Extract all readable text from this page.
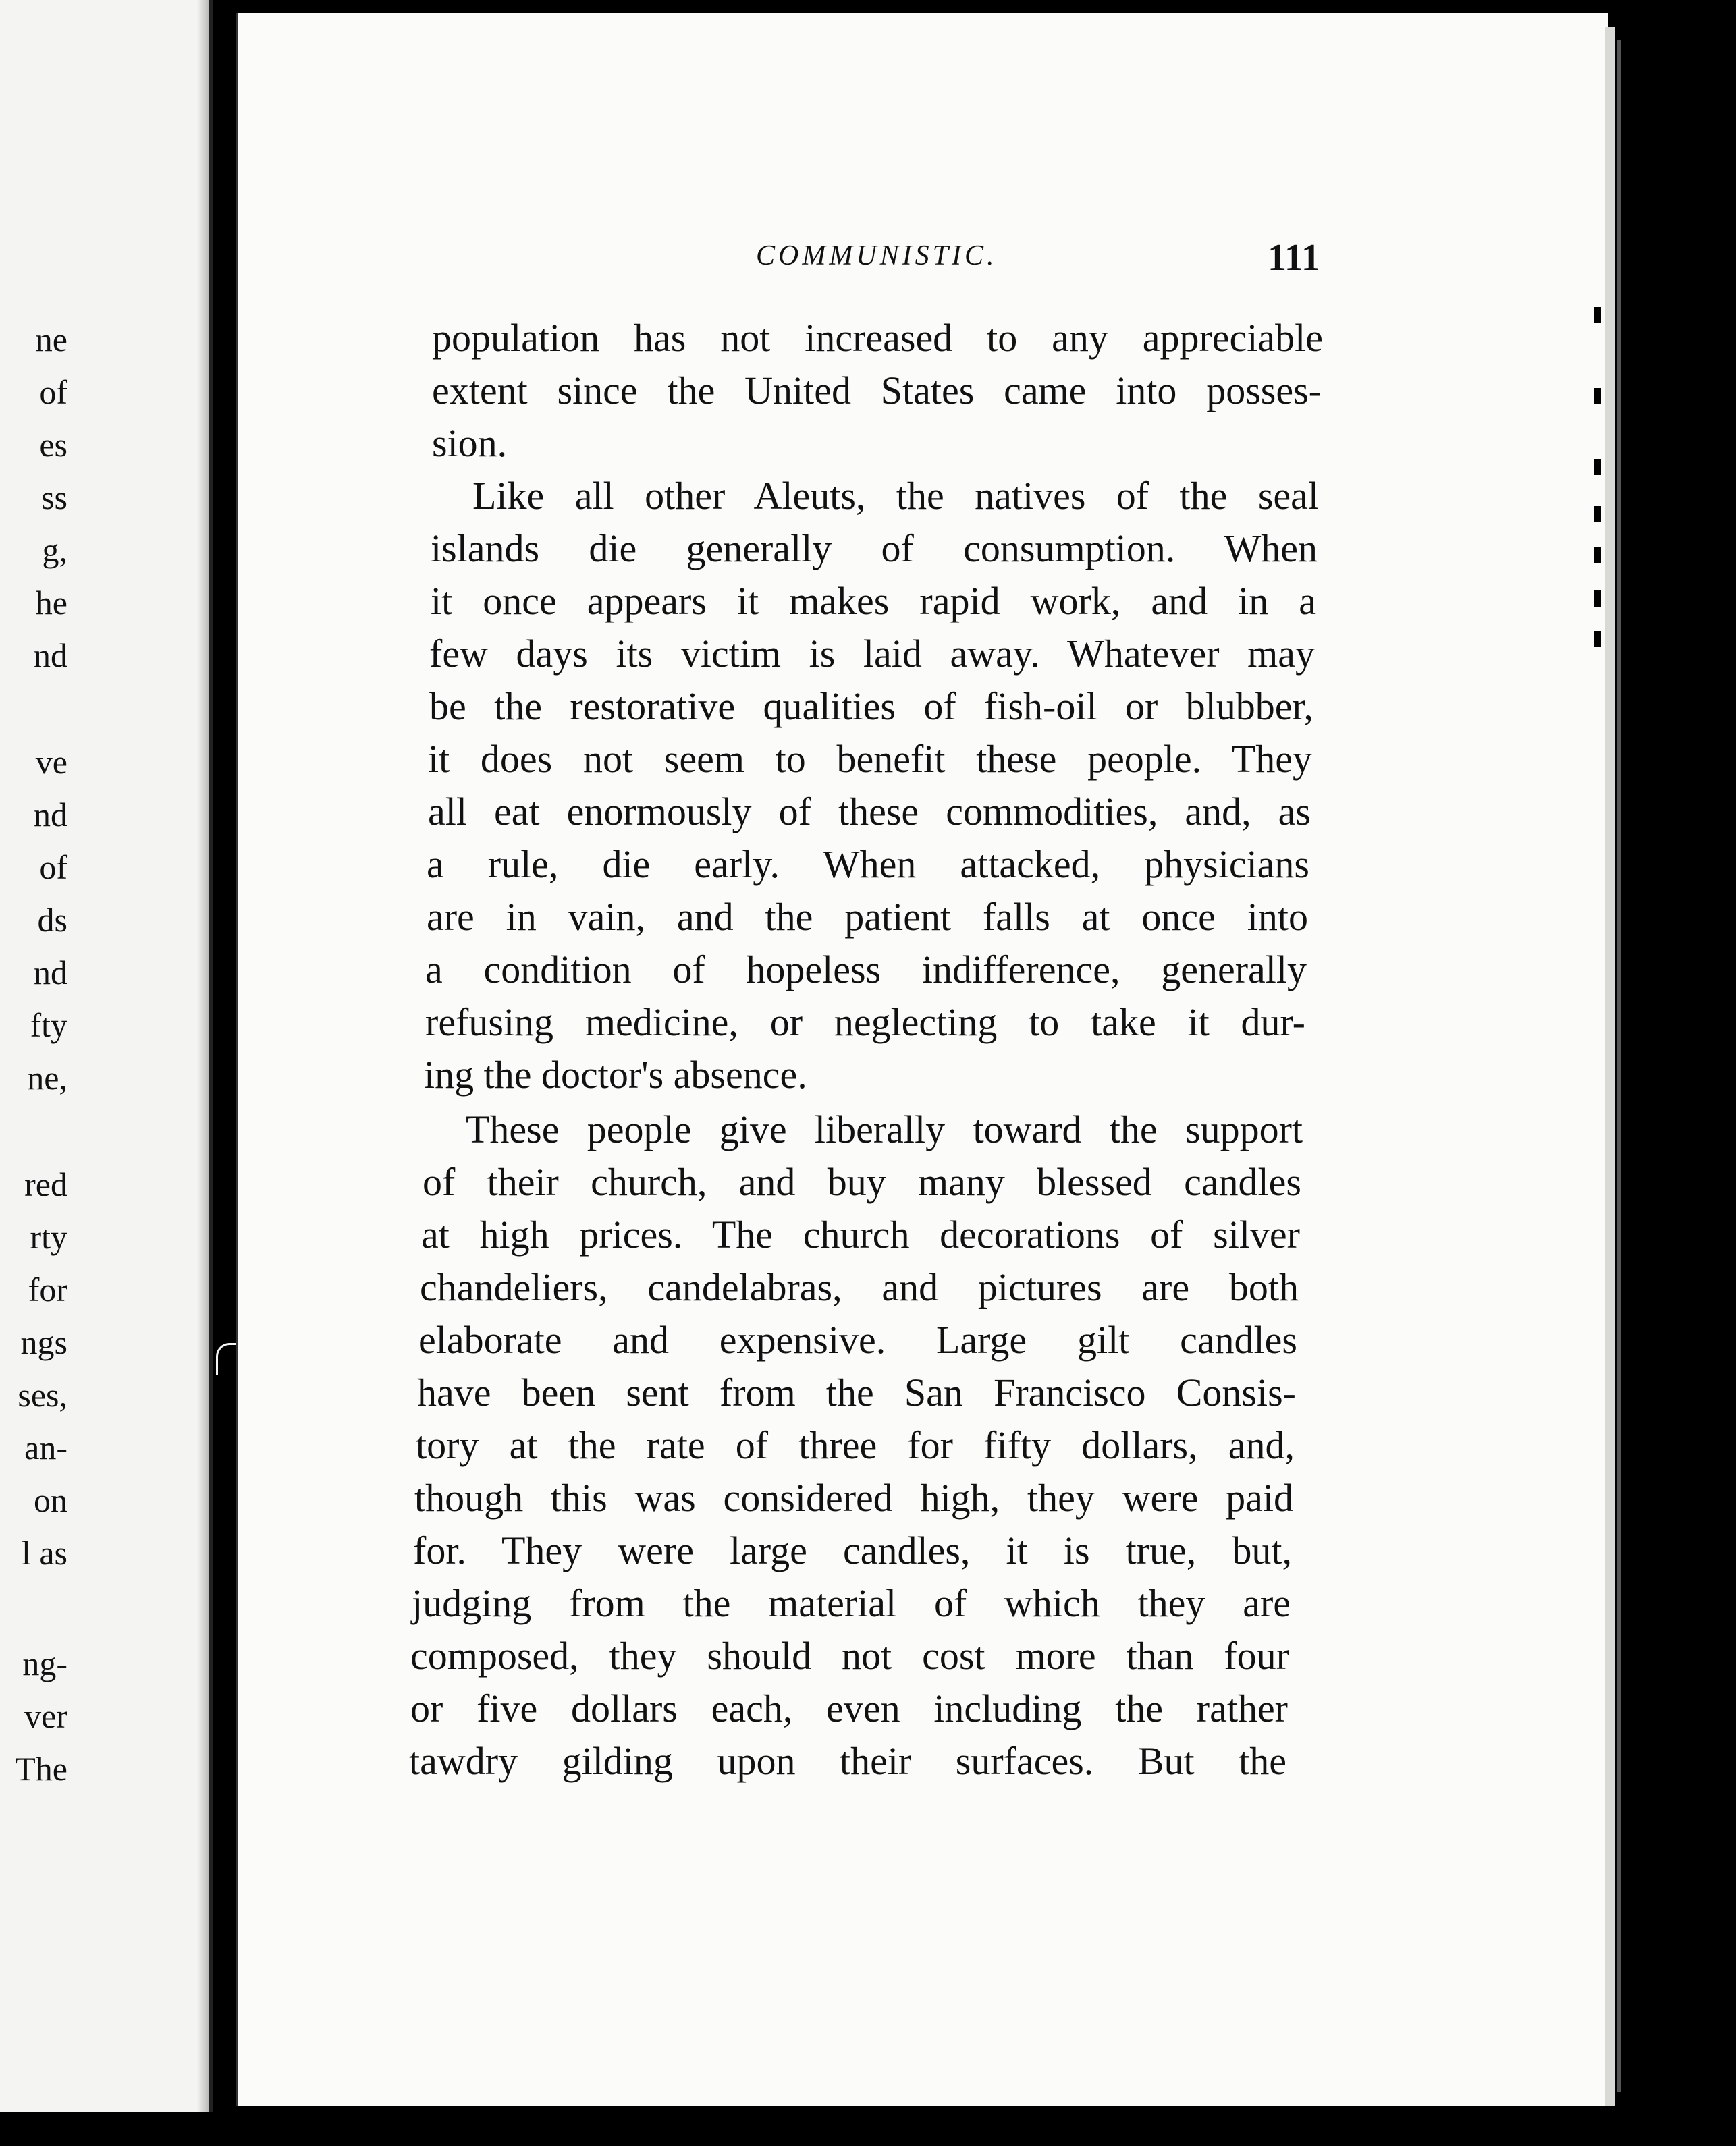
ne
of
es
ss
g,
he
nd
ve
nd
of
ds
nd
fty
ne,
red
rty
for
ngs
ses,
an-
on
l as
ng-
ver
The
COMMUNISTIC.	111
population has not increased to any appreciable
extent since the United States came into posses-
sion.
Like all other Aleuts, the natives of the seal
islands die generally of consumption. When
it once appears it makes rapid work, and in a
few days its victim is laid away. Whatever may
be the restorative qualities of fish-oil or blubber,
it does not seem to benefit these people. They
all eat enormously of these commodities, and, as
a rule, die early. When attacked, physicians
are in vain, and the patient falls at once into
a condition of hopeless indifference, generally
refusing medicine, or neglecting to take it dur-
ing the doctor's absence.
These people give liberally toward the support
of their church, and buy many blessed candles
at high prices. The church decorations of silver
chandeliers, candelabras, and pictures are both
elaborate and expensive. Large gilt candles
have been sent from the San Francisco Consis-
tory at the rate of three for fifty dollars, and,
though this was considered high, they were paid
for. They were large candles, it is true, but,
judging from the material of which they are
composed, they should not cost more than four
or five dollars each, even including the rather
tawdry gilding upon their surfaces. But the
